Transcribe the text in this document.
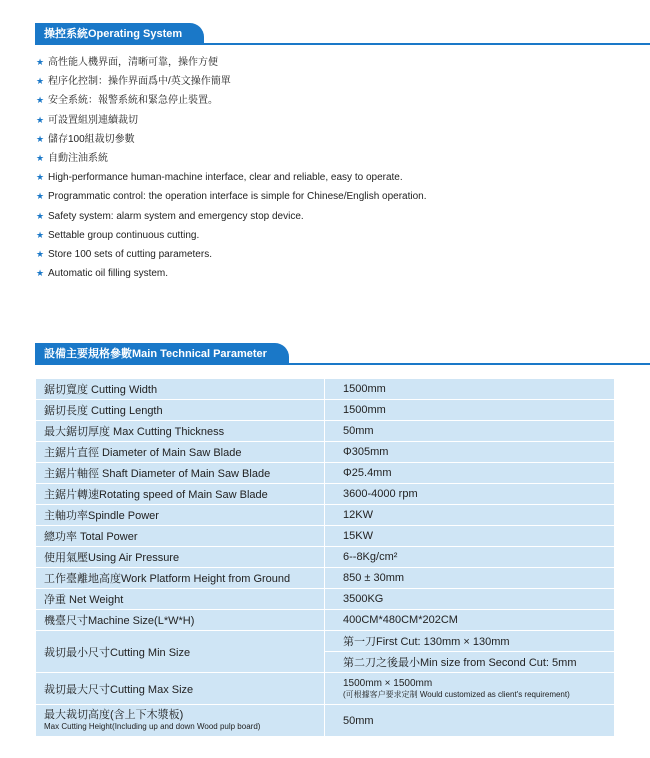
操控系統Operating System
★ 高性能人機界面，清晰可靠，操作方便
★ 程序化控制：操作界面爲中/英文操作簡單
★ 安全系統：報警系統和緊急停止裝置。
★ 可設置組別連續裁切
★ 儲存100組裁切參數
★ 自動注油系統
★ High-performance human-machine interface, clear and reliable, easy to operate.
★ Programmatic control: the operation interface is simple for Chinese/English operation.
★ Safety system: alarm system and emergency stop device.
★ Settable group continuous cutting.
★ Store 100 sets of cutting parameters.
★ Automatic oil filling system.
設備主要規格參數Main Technical Parameter
鋸切寬度 Cutting Width	1500mm
鋸切長度 Cutting Length	1500mm
最大鋸切厚度 Max Cutting Thickness	50mm
主鋸片直徑 Diameter of Main Saw Blade	Φ305mm
主鋸片軸徑 Shaft Diameter of Main Saw Blade	Φ25.4mm
主鋸片轉速Rotating speed of Main Saw Blade	3600-4000 rpm
主軸功率Spindle Power	12KW
總功率 Total Power	15KW
使用氣壓Using Air Pressure	6--8Kg/cm²
工作臺離地高度Work Platform Height from Ground	850 ± 30mm
净重 Net Weight	3500KG
機臺尺寸Machine Size(L*W*H)	400CM*480CM*202CM
裁切最小尺寸Cutting Min Size	第一刀First Cut: 130mm × 130mm
	第二刀之後最小Min size from Second Cut: 5mm
裁切最大尺寸Cutting Max Size	1500mm × 1500mm
(可根據客户要求定制 Would customized as client's requirement)

最大裁切高度(含上下木漿板)
Max Cutting Height(Including up and down Wood pulp board)	50mm
